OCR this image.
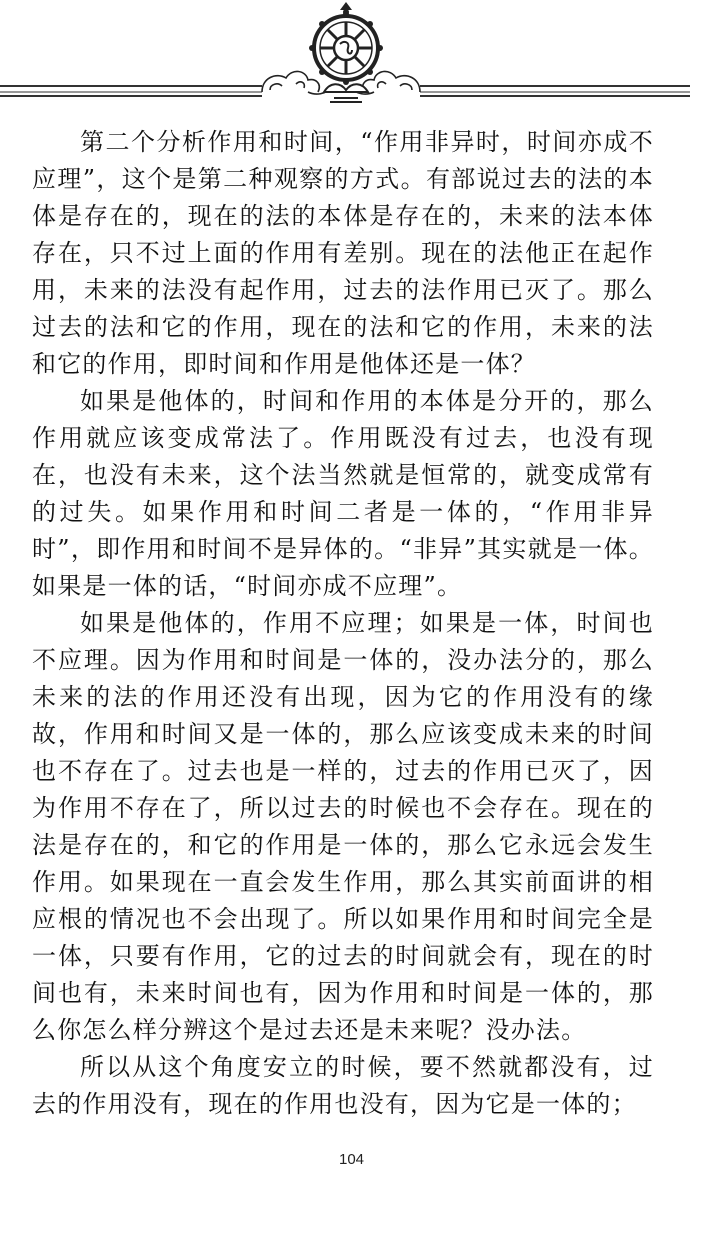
第二个分析作用和时间，“作用非异时，时间亦成不应理”，这个是第二种观察的方式。有部说过去的法的本体是存在的，现在的法的本体是存在的，未来的法本体存在，只不过上面的作用有差别。现在的法他正在起作用，未来的法没有起作用，过去的法作用已灭了。那么过去的法和它的作用，现在的法和它的作用，未来的法和它的作用，即时间和作用是他体还是一体？

如果是他体的，时间和作用的本体是分开的，那么作用就应该变成常法了。作用既没有过去，也没有现在，也没有未来，这个法当然就是恒常的，就变成常有的过失。如果作用和时间二者是一体的，“作用非异时”，即作用和时间不是异体的。“非异”其实就是一体。如果是一体的话，“时间亦成不应理”。

如果是他体的，作用不应理；如果是一体，时间也不应理。因为作用和时间是一体的，没办法分的，那么未来的法的作用还没有出现，因为它的作用没有的缘故，作用和时间又是一体的，那么应该变成未来的时间也不存在了。过去也是一样的，过去的作用已灭了，因为作用不存在了，所以过去的时候也不会存在。现在的法是存在的，和它的作用是一体的，那么它永远会发生作用。如果现在一直会发生作用，那么其实前面讲的相应根的情况也不会出现了。所以如果作用和时间完全是一体，只要有作用，它的过去的时间就会有，现在的时间也有，未来时间也有，因为作用和时间是一体的，那么你怎么样分辨这个是过去还是未来呢？没办法。

所以从这个角度安立的时候，要不然就都没有，过去的作用没有，现在的作用也没有，因为它是一体的；

104
